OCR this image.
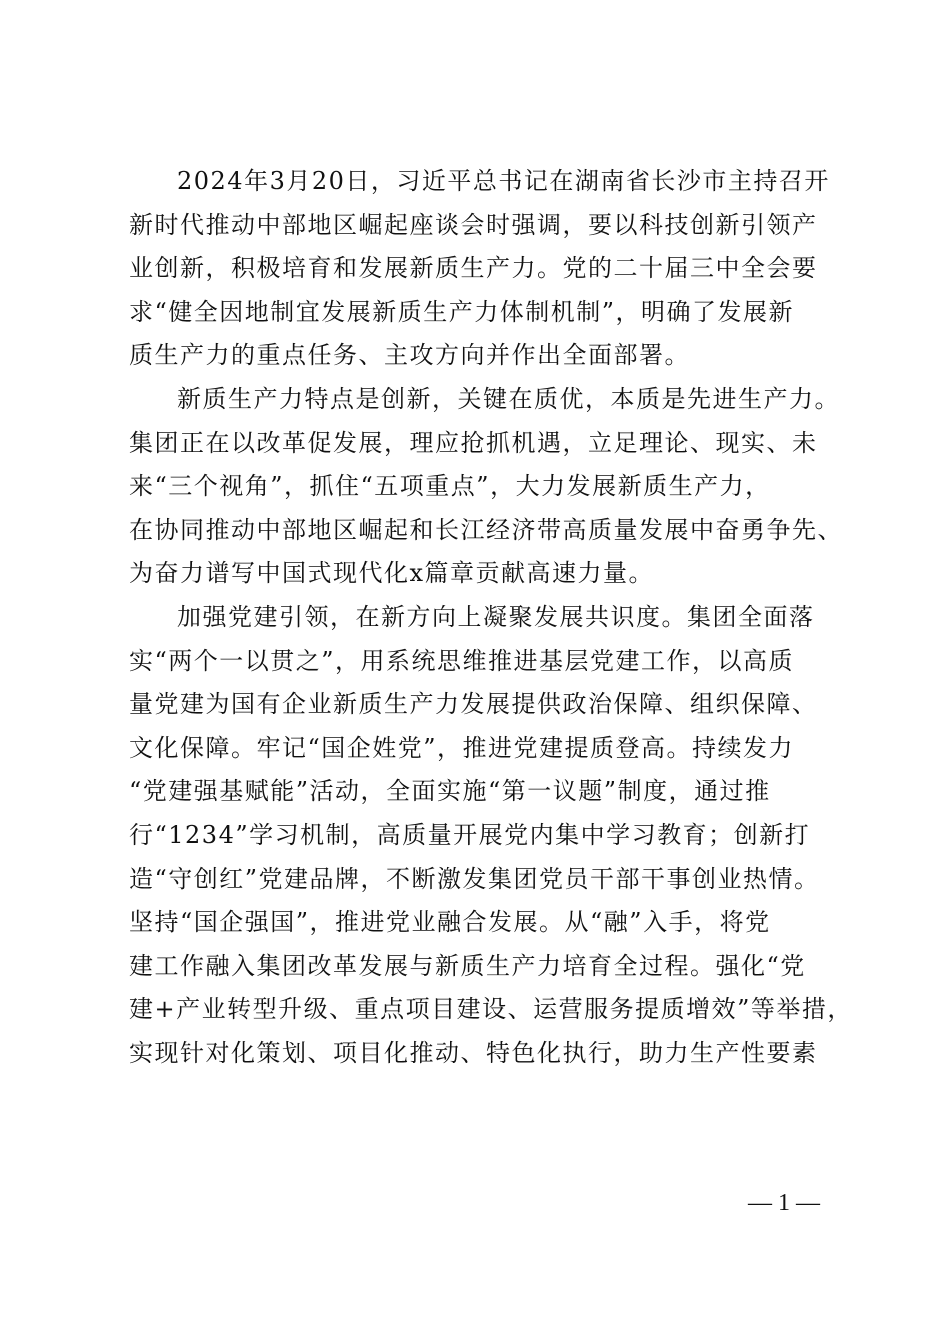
2024年3月20日，习近平总书记在湖南省长沙市主持召开
新时代推动中部地区崛起座谈会时强调，要以科技创新引领产
业创新，积极培育和发展新质生产力。党的二十届三中全会要
求“健全因地制宜发展新质生产力体制机制”，明确了发展新
质生产力的重点任务、主攻方向并作出全面部署。

新质生产力特点是创新，关键在质优，本质是先进生产力。
集团正在以改革促发展，理应抢抓机遇，立足理论、现实、未
来“三个视角”，抓住“五项重点”，大力发展新质生产力，
在协同推动中部地区崛起和长江经济带高质量发展中奋勇争先、
为奋力谱写中国式现代化x篇章贡献高速力量。

加强党建引领，在新方向上凝聚发展共识度。集团全面落
实“两个一以贯之”，用系统思维推进基层党建工作，以高质
量党建为国有企业新质生产力发展提供政治保障、组织保障、
文化保障。牢记“国企姓党”，推进党建提质登高。持续发力
“党建强基赋能”活动，全面实施“第一议题”制度，通过推
行“1234”学习机制，高质量开展党内集中学习教育；创新打
造“守创红”党建品牌，不断激发集团党员干部干事创业热情。
坚持“国企强国”，推进党业融合发展。从“融”入手，将党
建工作融入集团改革发展与新质生产力培育全过程。强化“党
建+产业转型升级、重点项目建设、运营服务提质增效”等举措，
实现针对化策划、项目化推动、特色化执行，助力生产性要素

— 1 —
